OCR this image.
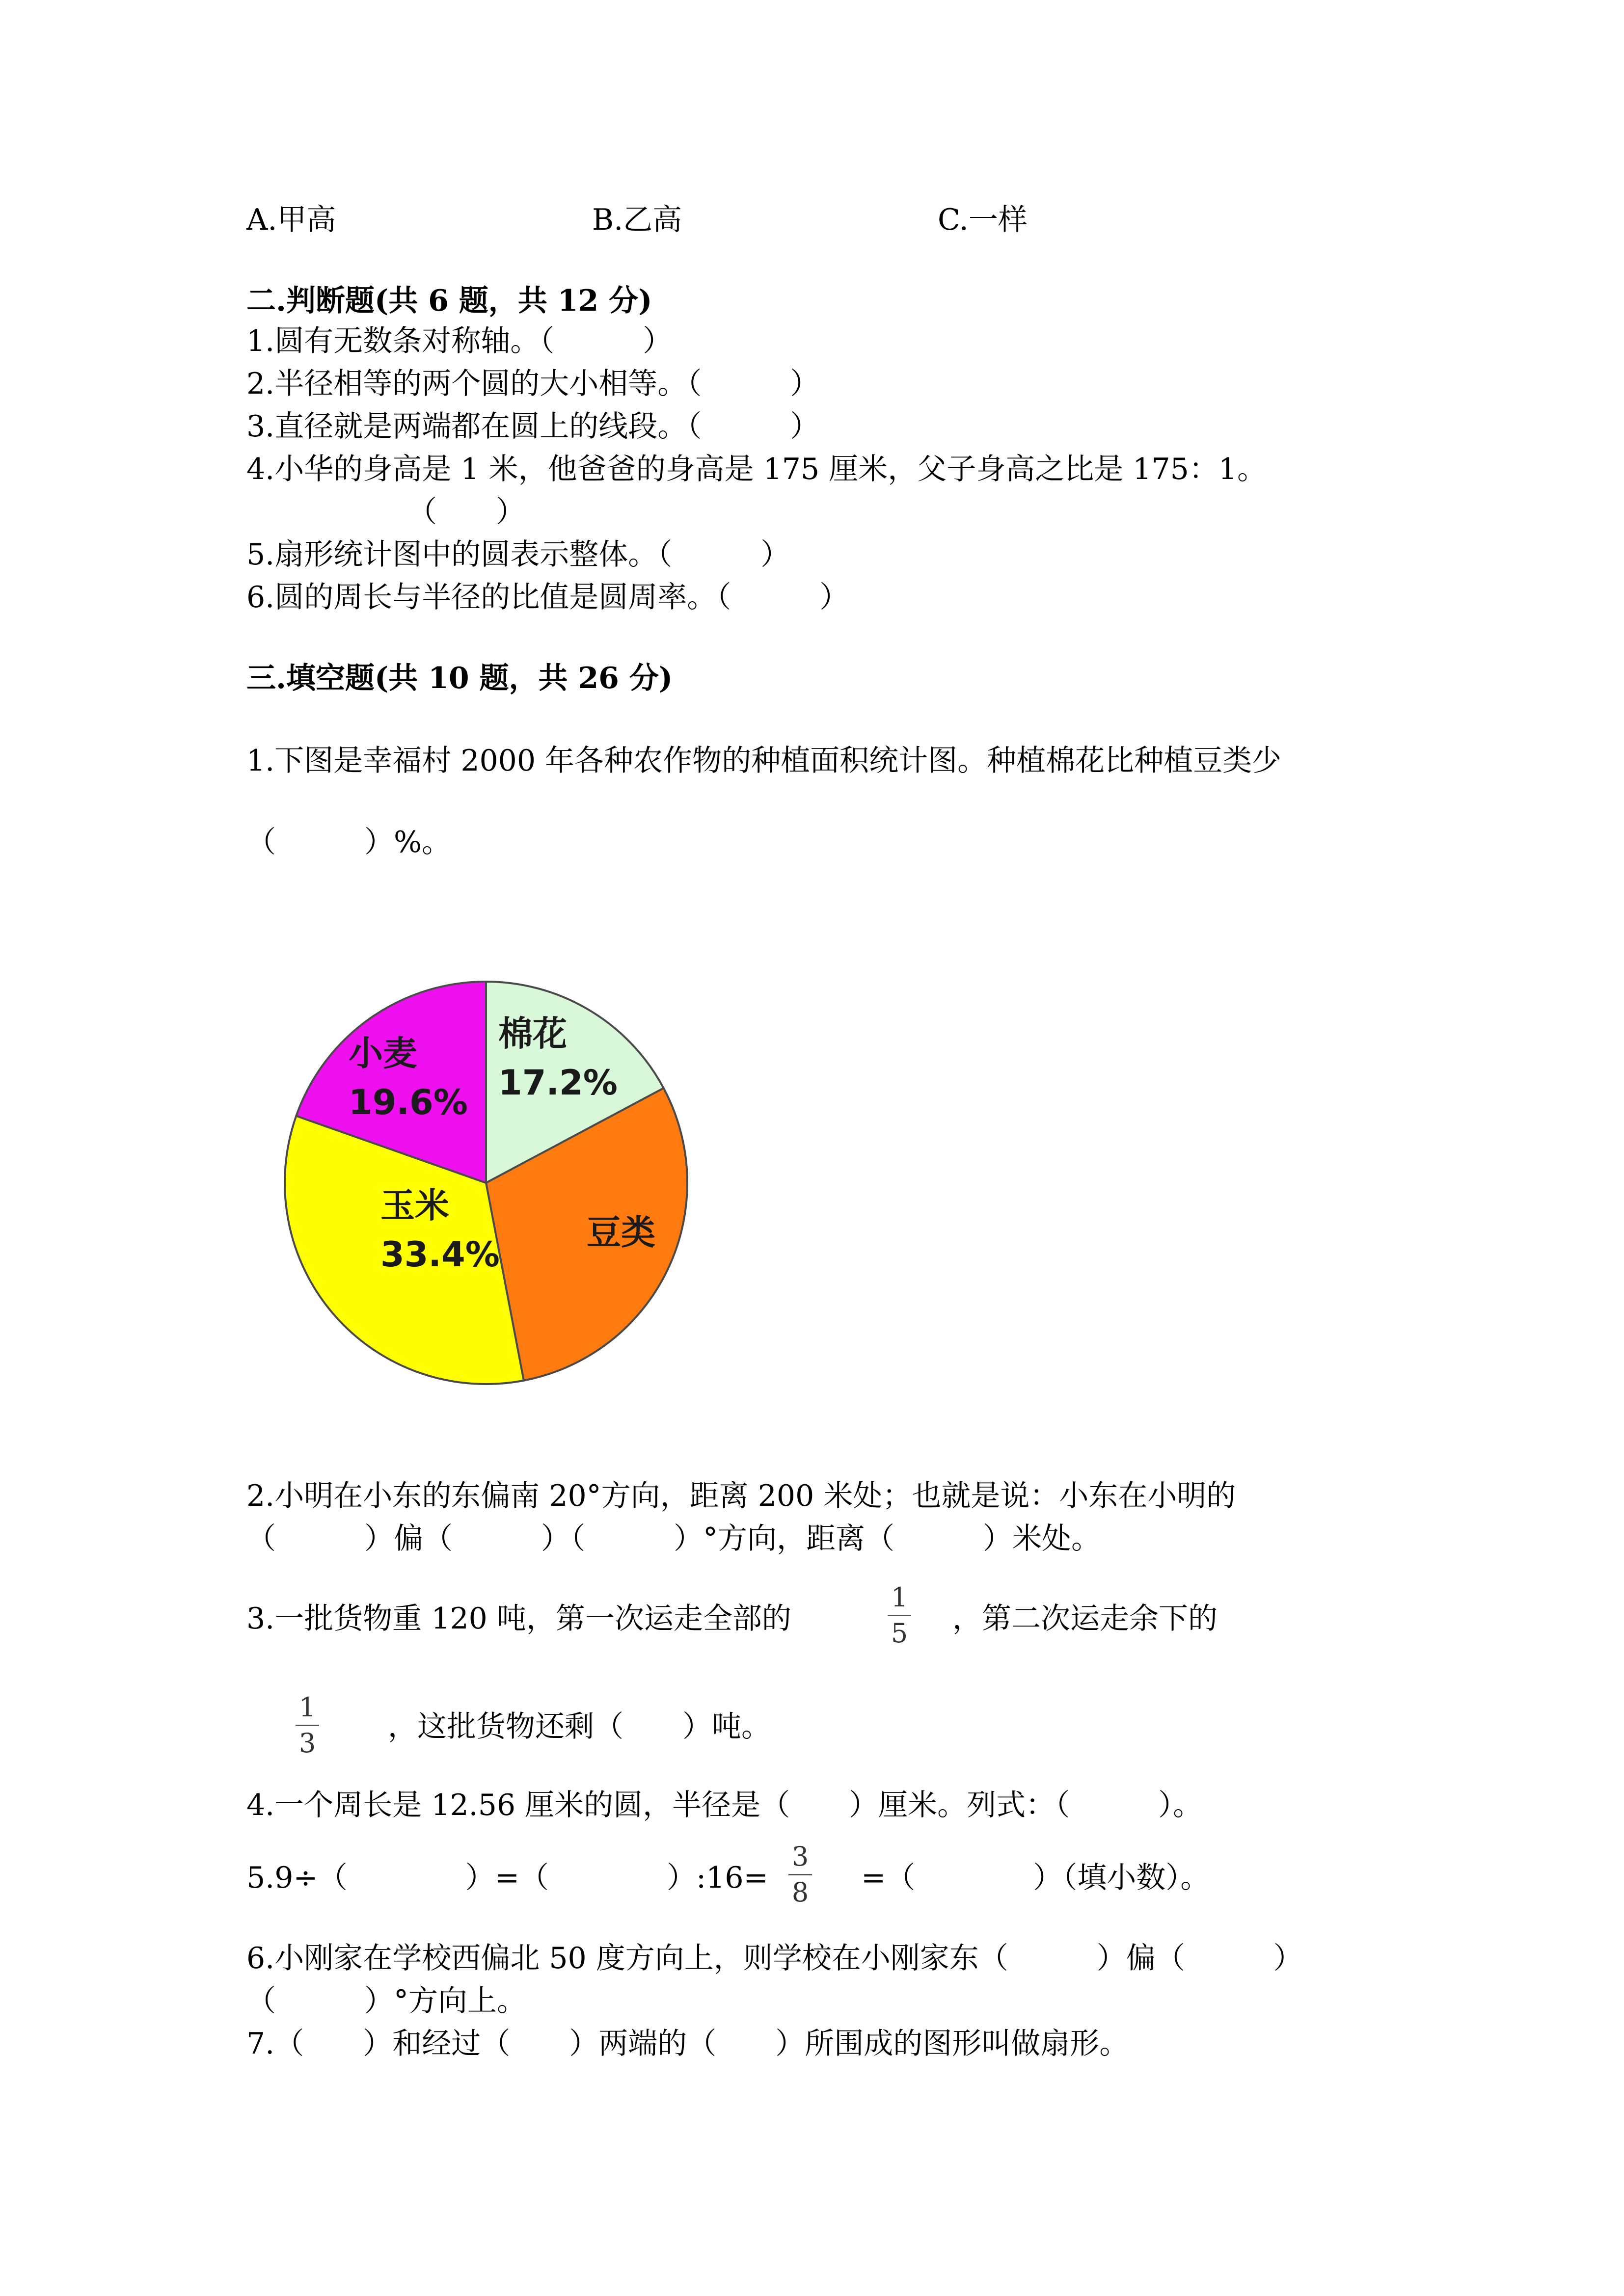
A.甲高	B.乙高	C.一样
二.判断题(共 6 题，共 12 分)
1.圆有无数条对称轴。（　　　）
2.半径相等的两个圆的大小相等。（　　　）
3.直径就是两端都在圆上的线段。（　　　）
4.小华的身高是 1 米，他爸爸的身高是 175 厘米，父子身高之比是 175：1。
（　　）
5.扇形统计图中的圆表示整体。（　　　）
6.圆的周长与半径的比值是圆周率。（　　　）
三.填空题(共 10 题，共 26 分)
1.下图是幸福村 2000 年各种农作物的种植面积统计图。种植棉花比种植豆类少
（　　　）%。
棉花
17.2%
豆类
玉米
33.4%
小麦
19.6%
2.小明在小东的东偏南 20°方向，距离 200 米处；也就是说：小东在小明的
（　　　）偏（　　　）（　　　）°方向，距离（　　　）米处。
3.一批货物重 120 吨，第一次运走全部的
1
5 ，第二次运走余下的
1
3 ，这批货物还剩（　　）吨。
4.一个周长是 12.56 厘米的圆，半径是（　　）厘米。列式：（　　　）。
5.9÷（　　　　）=（　　　　）:16=
3
8 =（　　　　）（填小数）。
6.小刚家在学校西偏北 50 度方向上，则学校在小刚家东（　　　）偏（　　　）
（　　　）°方向上。
7.（　　）和经过（　　）两端的（　　）所围成的图形叫做扇形。
